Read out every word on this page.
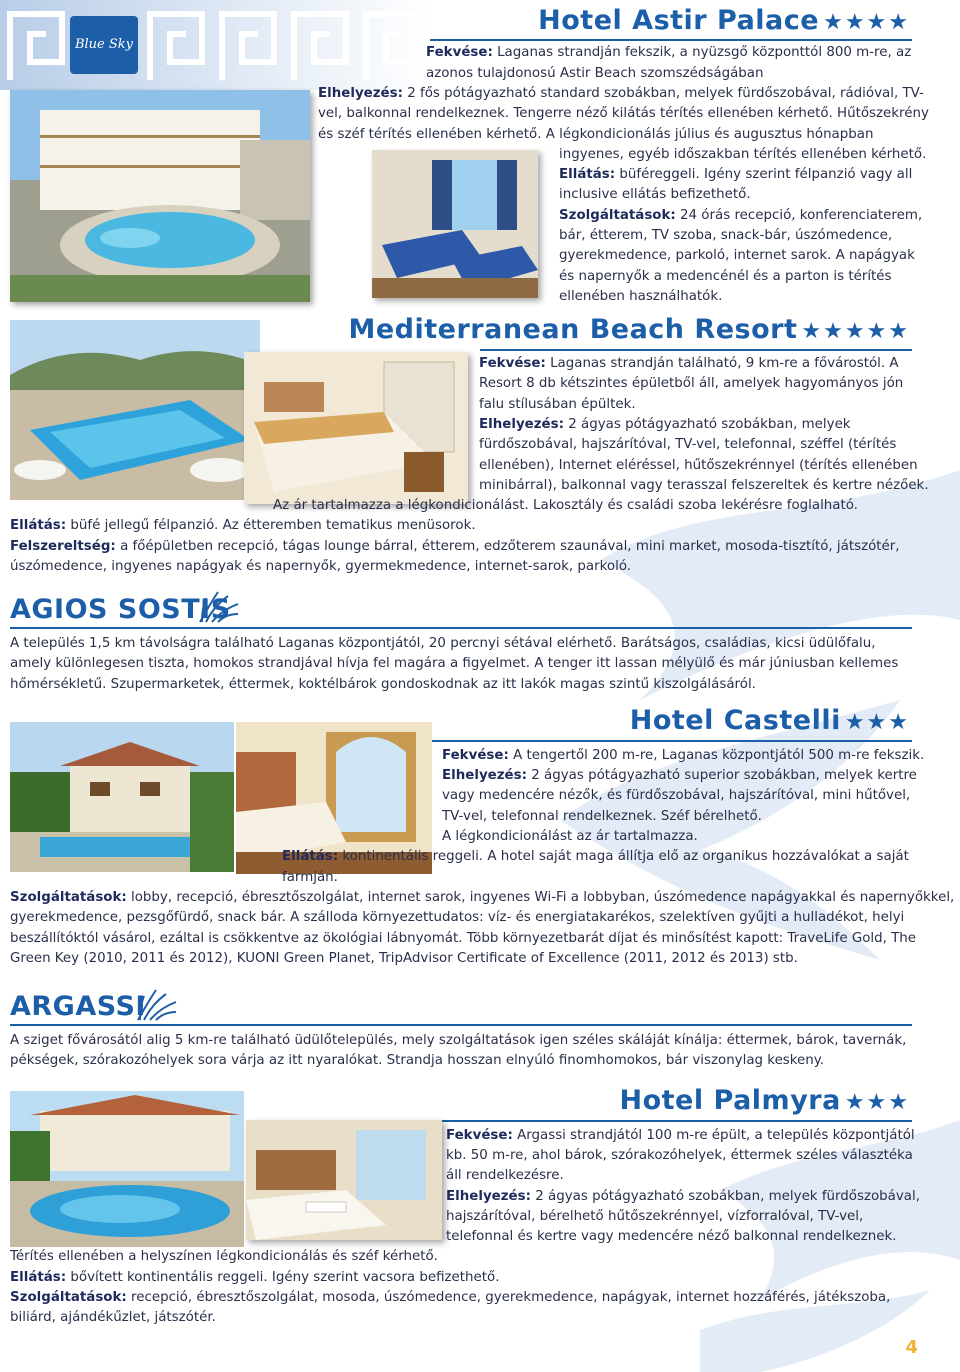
Blue Sky
Hotel Astir Palace ★★★★

Fekvése: Laganas strandján fekszik, a nyüzsgő központtól 800 m-re, az

azonos tulajdonosú Astir Beach szomszédságában

Elhelyezés: 2 fős pótágyazható standard szobákban, melyek fürdőszobával, rádióval, TV-

vel, balkonnal rendelkeznek. Tengerre néző kilátás térítés ellenében kérhető. Hűtőszekrény

és széf térítés ellenében kérhető. A légkondicionálás július és augusztus hónapban

ingyenes, egyéb időszakban térítés ellenében kérhető.

Ellátás: büféreggeli. Igény szerint félpanzió vagy all

inclusive ellátás befizethető.

Szolgáltatások: 24 órás recepció, konferenciaterem,

bár, étterem, TV szoba, snack-bár, úszómedence,

gyerekmedence, parkoló, internet sarok. A napágyak

és napernyők a medencénél és a parton is térítés

ellenében használhatók.

Mediterranean Beach Resort ★★★★★

Fekvése: Laganas strandján található, 9 km-re a fővárostól. A

Resort 8 db kétszintes épületből áll, amelyek hagyományos jón

falu stílusában épültek.

Elhelyezés: 2 ágyas pótágyazható szobákban, melyek

fürdőszobával, hajszárítóval, TV-vel, telefonnal, széffel (térítés

ellenében), Internet eléréssel, hűtőszekrénnyel (térítés ellenében

minibárral), balkonnal vagy terasszal felszereltek és kertre nézőek.

Az ár tartalmazza a légkondicionálást. Lakosztály és családi szoba lekérésre foglalható.

Ellátás: büfé jellegű félpanzió. Az étteremben tematikus menüsorok.

Felszereltség: a főépületben recepció, tágas lounge bárral, étterem, edzőterem szaunával, mini market, mosoda-tisztító, játszótér,

úszómedence, ingyenes napágyak és napernyők, gyermekmedence, internet-sarok, parkoló.

AGIOS SOSTIS

A település 1,5 km távolságra található Laganas központjától, 20 percnyi sétával elérhető. Barátságos, családias, kicsi üdülőfalu,

amely különlegesen tiszta, homokos strandjával hívja fel magára a figyelmet. A tenger itt lassan mélyülő és már júniusban kellemes

hőmérsékletű. Szupermarketek, éttermek, koktélbárok gondoskodnak az itt lakók magas szintű kiszolgálásáról.

Hotel Castelli ★★★

Fekvése: A tengertől 200 m-re, Laganas központjától 500 m-re fekszik.

Elhelyezés: 2 ágyas pótágyazható superior szobákban, melyek kertre

vagy medencére nézők, és fürdőszobával, hajszárítóval, mini hűtővel,

TV-vel, telefonnal rendelkeznek. Széf bérelhető.

A légkondicionálást az ár tartalmazza.

Ellátás: kontinentális reggeli. A hotel saját maga állítja elő az organikus hozzávalókat a saját

farmján.

Szolgáltatások: lobby, recepció, ébresztőszolgálat, internet sarok, ingyenes Wi-Fi a lobbyban, úszómedence napágyakkal és napernyőkkel,

gyerekmedence, pezsgőfürdő, snack bár. A szálloda környezettudatos: víz- és energiatakarékos, szelektíven gyűjti a hulladékot, helyi

beszállítóktól vásárol, ezáltal is csökkentve az ökológiai lábnyomát. Több környezetbarát díjat és minősítést kapott: TraveLife Gold, The

Green Key (2010, 2011 és 2012), KUONI Green Planet, TripAdvisor Certificate of Excellence (2011, 2012 és 2013) stb.

ARGASSI

A sziget fővárosától alig 5 km-re található üdülőtelepülés, mely szolgáltatások igen széles skáláját kínálja: éttermek, bárok, tavernák,

pékségek, szórakozóhelyek sora várja az itt nyaralókat. Strandja hosszan elnyúló finomhomokos, bár viszonylag keskeny.

Hotel Palmyra ★★★

Fekvése: Argassi strandjától 100 m-re épült, a település központjától

kb. 50 m-re, ahol bárok, szórakozóhelyek, éttermek széles választéka

áll rendelkezésre.

Elhelyezés: 2 ágyas pótágyazható szobákban, melyek fürdőszobával,

hajszárítóval, bérelhető hűtőszekrénnyel, vízforralóval, TV-vel,

telefonnal és kertre vagy medencére néző balkonnal rendelkeznek.

Térítés ellenében a helyszínen légkondicionálás és széf kérhető.

Ellátás: bővített kontinentális reggeli. Igény szerint vacsora befizethető.

Szolgáltatások: recepció, ébresztőszolgálat, mosoda, úszómedence, gyerekmedence, napágyak, internet hozzáférés, játékszoba,

biliárd, ajándékűzlet, játszótér.

4
